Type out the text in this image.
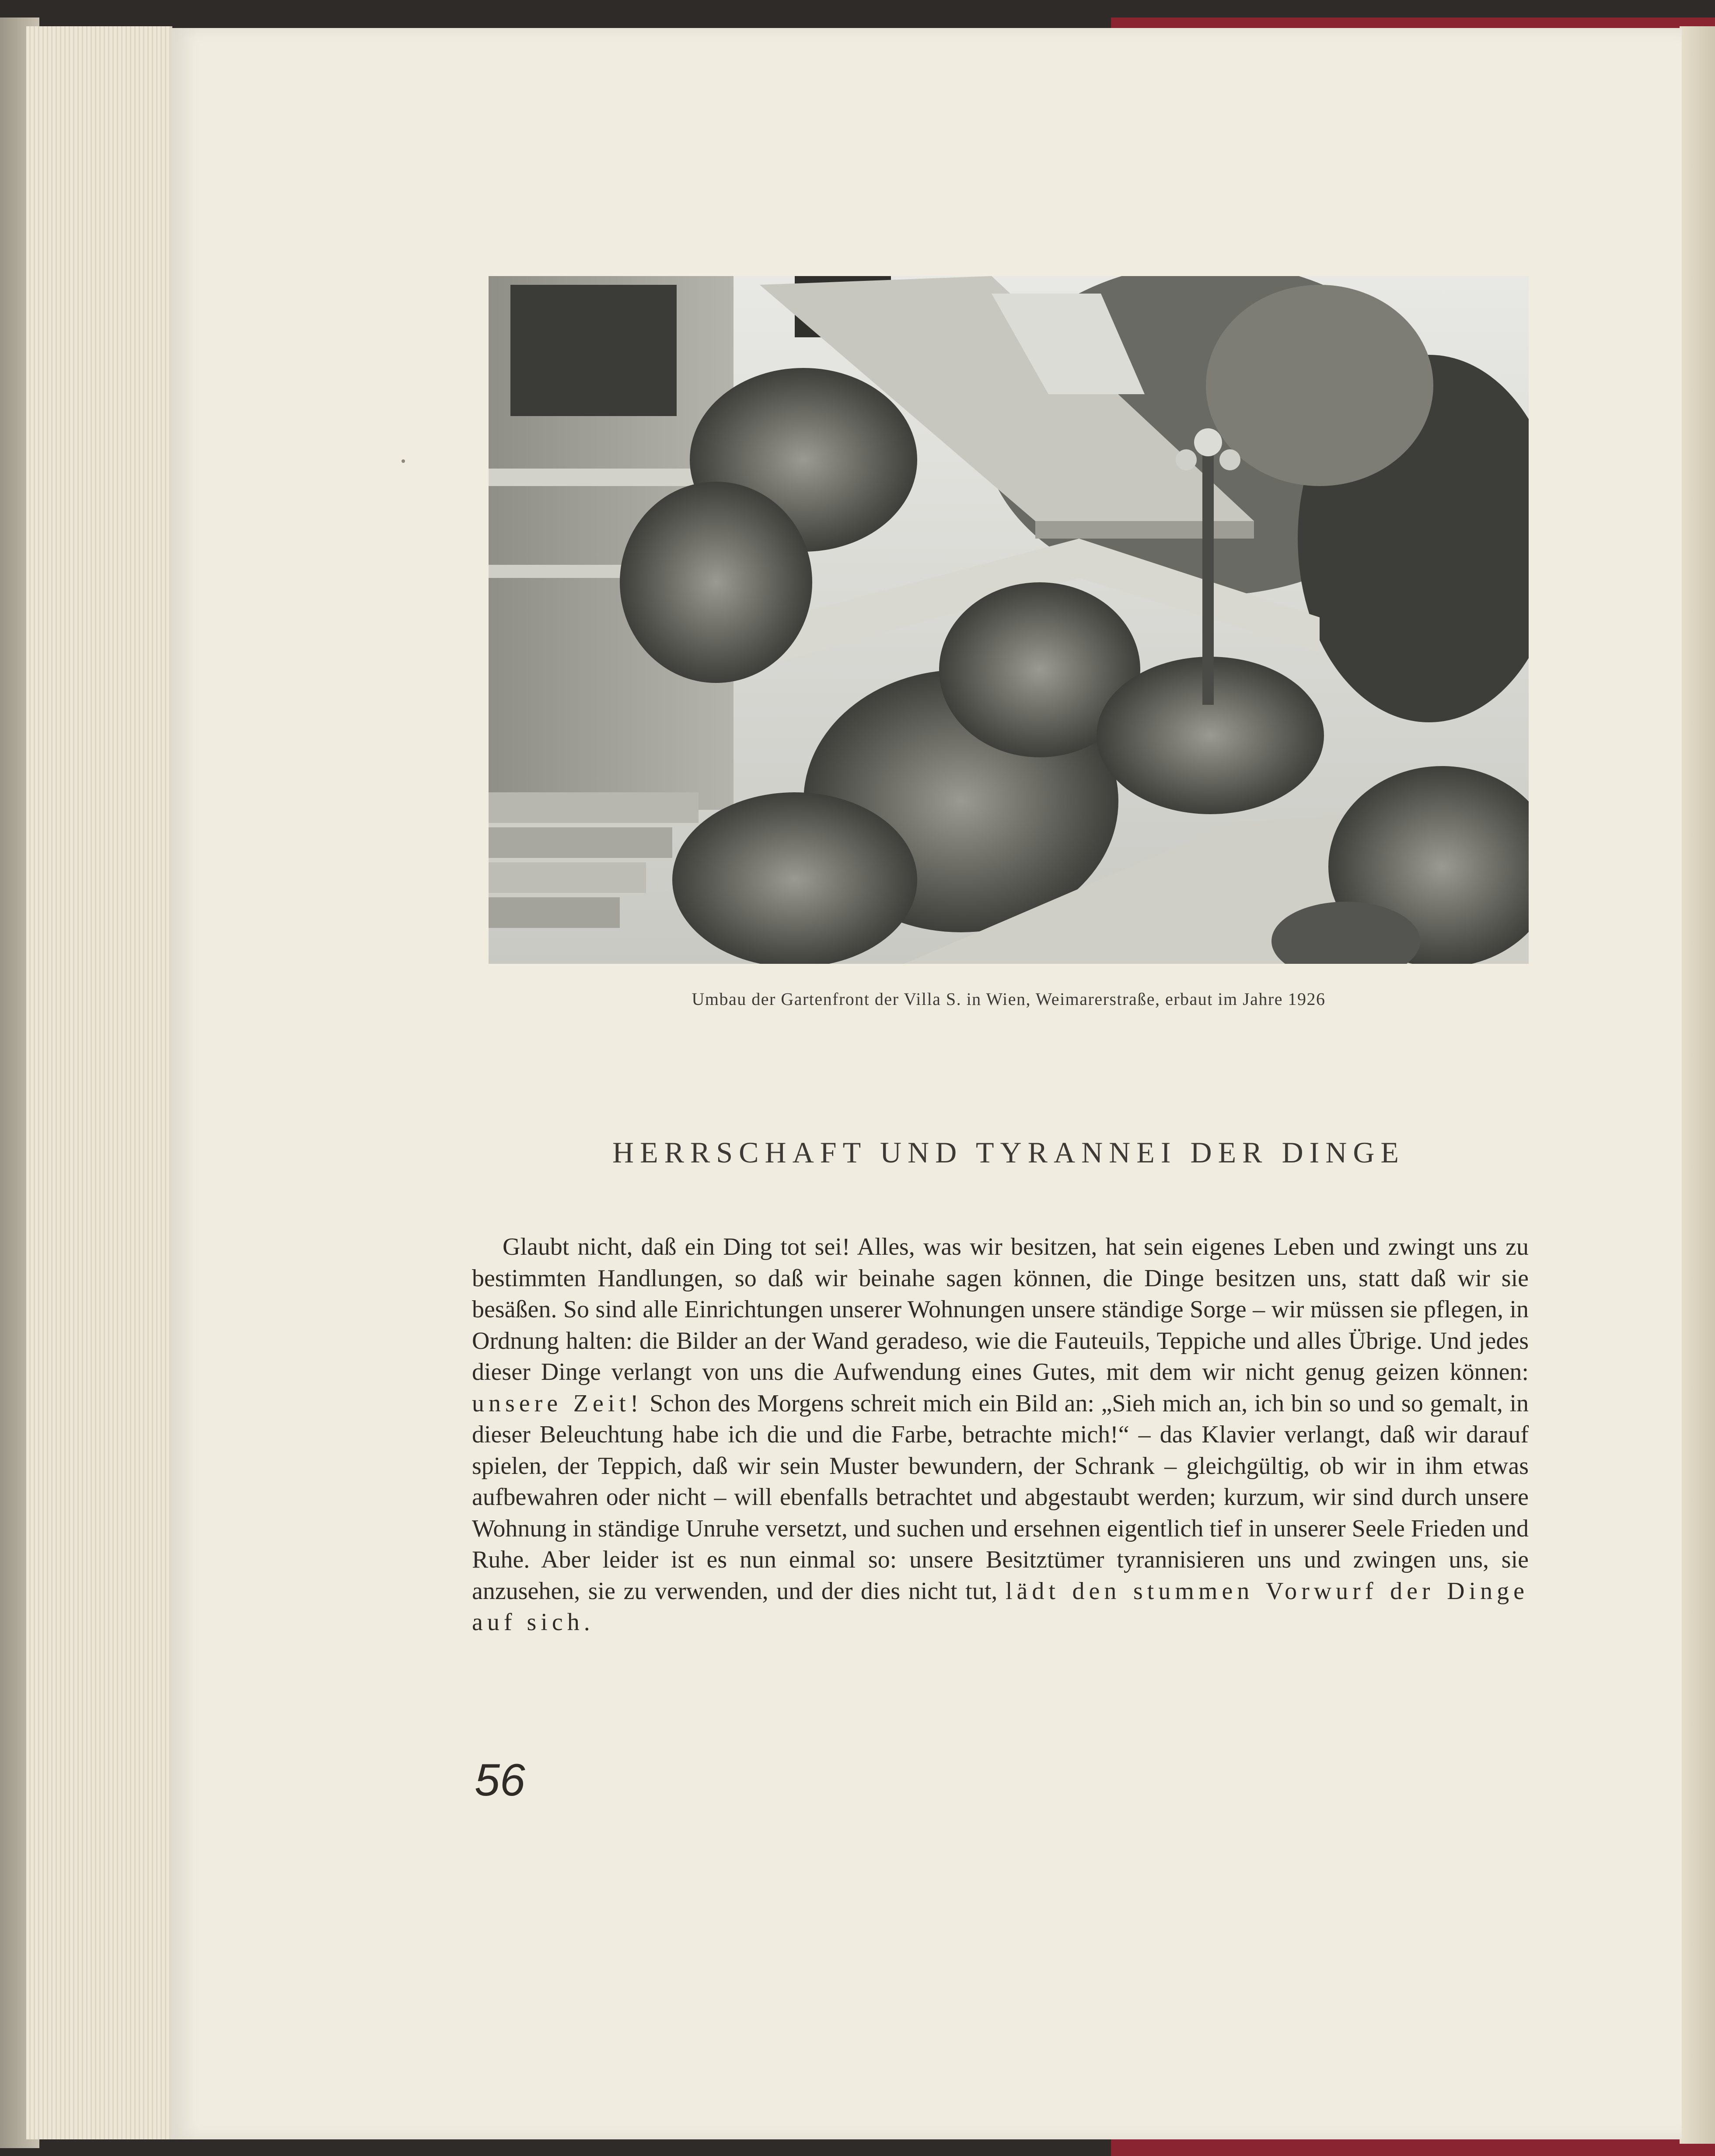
Umbau der Gartenfront der Villa S. in Wien, Weimarerstraße, erbaut im Jahre 1926
HERRSCHAFT UND TYRANNEI DER DINGE

Glaubt nicht, daß ein Ding tot sei! Alles, was wir besitzen, hat sein eigenes Leben und zwingt uns zu bestimmten Handlungen, so daß wir beinahe sagen können, die Dinge besitzen uns, statt daß wir sie besäßen. So sind alle Einrichtungen unserer Wohnungen unsere ständige Sorge – wir müssen sie pflegen, in Ordnung halten: die Bilder an der Wand geradeso, wie die Fauteuils, Teppiche und alles Übrige. Und jedes dieser Dinge verlangt von uns die Aufwendung eines Gutes, mit dem wir nicht genug geizen können: unsere Zeit! Schon des Morgens schreit mich ein Bild an: „Sieh mich an, ich bin so und so gemalt, in dieser Beleuchtung habe ich die und die Farbe, betrachte mich!“ – das Klavier verlangt, daß wir darauf spielen, der Teppich, daß wir sein Muster bewundern, der Schrank – gleichgültig, ob wir in ihm etwas aufbewahren oder nicht – will ebenfalls betrachtet und abgestaubt werden; kurzum, wir sind durch unsere Wohnung in ständige Unruhe versetzt, und suchen und ersehnen eigentlich tief in unserer Seele Frieden und Ruhe. Aber leider ist es nun einmal so: unsere Besitztümer tyrannisieren uns und zwingen uns, sie anzusehen, sie zu verwenden, und der dies nicht tut, lädt den stummen Vorwurf der Dinge auf sich.

56
